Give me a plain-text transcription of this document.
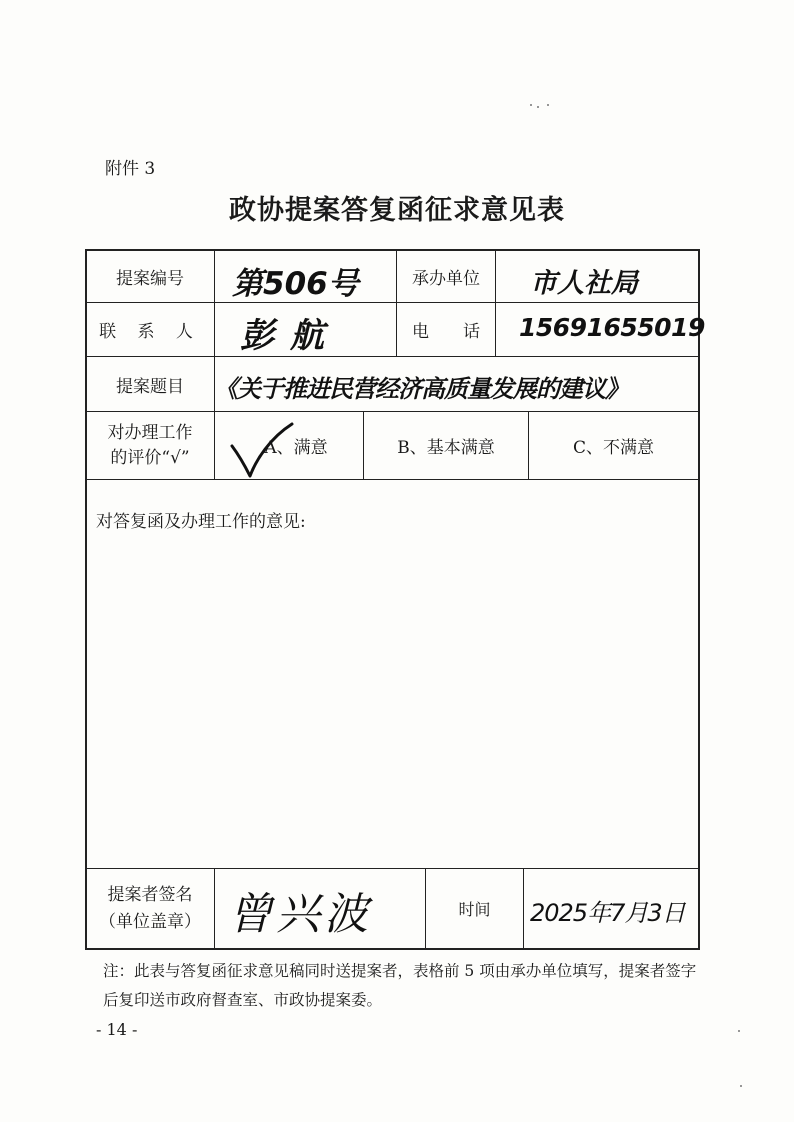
附件 3
政协提案答复函征求意见表
提案编号	第506号	承办单位	市人社局
联 系 人	彭航	电　　话	15691655019
提案题目	《关于推进民营经济高质量发展的建议》
对办理工作
的评价“√”	A、满意	B、基本满意	C、不满意
对答复函及办理工作的意见:
提案者签名
（单位盖章） 曾兴波	时间	2025年7月3日
注：此表与答复函征求意见稿同时送提案者，表格前 5 项由承办单位填写，提案者签字后复印送市政府督查室、市政协提案委。
- 14 -
